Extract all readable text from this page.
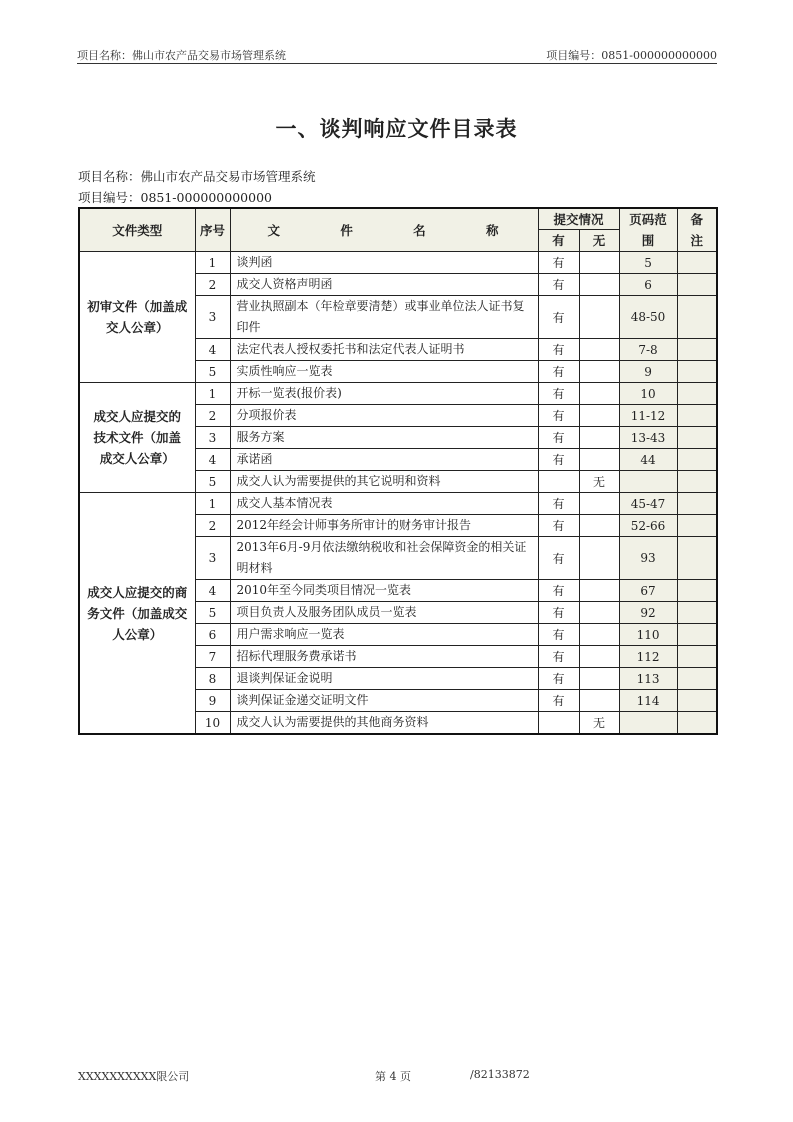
项目名称：佛山市农产品交易市场管理系统	项目编号：0851-000000000000
一、谈判响应文件目录表
项目名称：佛山市农产品交易市场管理系统
项目编号：0851-000000000000
文件类型	序号	文 件 名 称	提交情况		页码范围	备注
			有	无		
初审文件（加盖成交人公章）	1	谈判函	有		5	
	2	成交人资格声明函	有		6	
	3	营业执照副本（年检章要清楚）或事业单位法人证书复印件	有		48-50	
	4	法定代表人授权委托书和法定代表人证明书	有		7-8	
	5	实质性响应一览表	有		9	
成交人应提交的技术文件（加盖成交人公章）	1	开标一览表(报价表)	有		10	
	2	分项报价表	有		11-12	
	3	服务方案	有		13-43	
	4	承诺函	有		44	
	5	成交人认为需要提供的其它说明和资料		无		
成交人应提交的商务文件（加盖成交人公章）	1	成交人基本情况表	有		45-47	
	2	2012年经会计师事务所审计的财务审计报告	有		52-66	
	3	2013年6月-9月依法缴纳税收和社会保障资金的相关证明材料	有		93	
	4	2010年至今同类项目情况一览表	有		67	
	5	项目负责人及服务团队成员一览表	有		92	
	6	用户需求响应一览表	有		110	
	7	招标代理服务费承诺书	有		112	
	8	退谈判保证金说明	有		113	
	9	谈判保证金递交证明文件	有		114	
	10	成交人认为需要提供的其他商务资料		无		
XXXXXXXXXX限公司	第 4 页	/82133872
